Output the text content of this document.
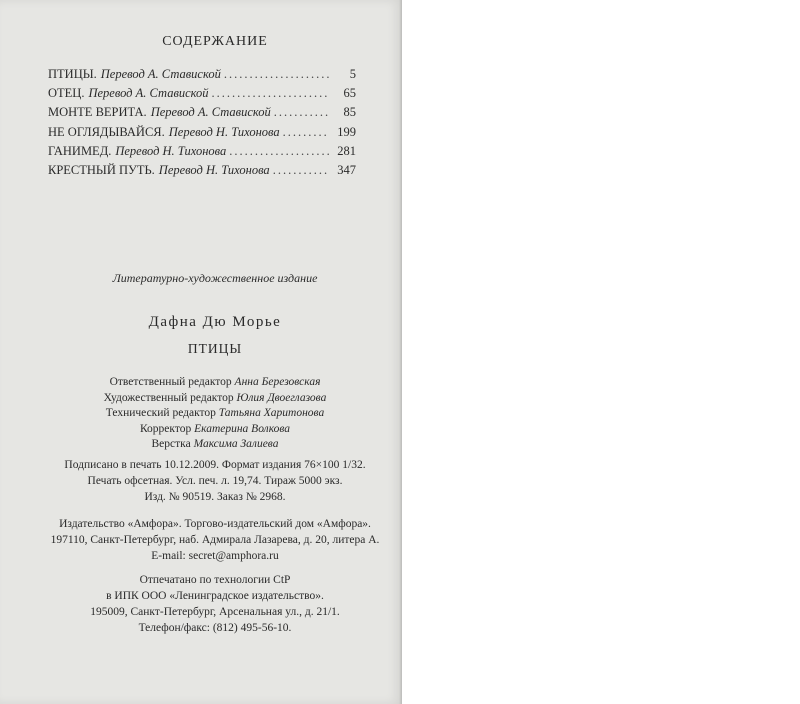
СОДЕРЖАНИЕ
ПТИЦЫ. Перевод А. Ставиской .....	5
ОТЕЦ. Перевод А. Ставиской .....	65
МОНТЕ ВЕРИТА. Перевод А. Ставиской .....	85
НЕ ОГЛЯДЫВАЙСЯ. Перевод Н. Тихонова .....	199
ГАНИМЕД. Перевод Н. Тихонова .....	281
КРЕСТНЫЙ ПУТЬ. Перевод Н. Тихонова .....	347
Литературно-художественное издание
Дафна Дю Морье
ПТИЦЫ
Ответственный редактор Анна Березовская
Художественный редактор Юлия Двоеглазова
Технический редактор Татьяна Харитонова
Корректор Екатерина Волкова
Верстка Максима Залиева
Подписано в печать 10.12.2009. Формат издания 76×100 1/32.
Печать офсетная. Усл. печ. л. 19,74. Тираж 5000 экз.
Изд. № 90519. Заказ № 2968.
Издательство «Амфора». Торгово-издательский дом «Амфора».
197110, Санкт-Петербург, наб. Адмирала Лазарева, д. 20, литера А.
E-mail: secret@amphora.ru
Отпечатано по технологии CtP
в ИПК ООО «Ленинградское издательство».
195009, Санкт-Петербург, Арсенальная ул., д. 21/1.
Телефон/факс: (812) 495-56-10.
